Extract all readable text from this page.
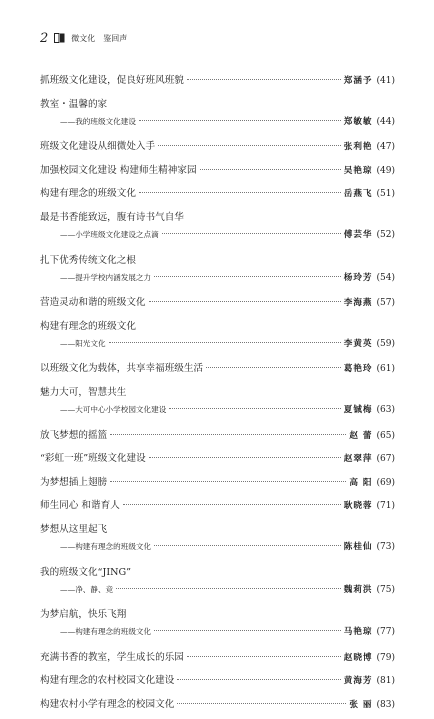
2	微文化 鉴回声
抓班级文化建设，促良好班风班貌	郑涵予 (41)
教室・温馨的家
——我的班级文化建设	郑敏敏 (44)
班级文化建设从细微处入手	张利艳 (47)
加强校园文化建设 构建师生精神家园	吴艳琼 (49)
构建有理念的班级文化	岳燕飞 (51)
最是书香能致远，腹有诗书气自华
——小学班级文化建设之点滴	傅芸华 (52)
扎下优秀传统文化之根
——提升学校内涵发展之力	杨玲芳 (54)
营造灵动和谐的班级文化	李海燕 (57)
构建有理念的班级文化
——阳光文化	李黄英 (59)
以班级文化为载体，共享幸福班级生活	葛艳玲 (61)
魅力大可，智慧共生
——大可中心小学校园文化建设	夏铖梅 (63)
放飞梦想的摇篮	赵 蕾 (65)
“彩虹一班”班级文化建设	赵翠萍 (67)
为梦想插上翅膀	高 阳 (69)
师生同心 和谐育人	耿晓蓉 (71)
梦想从这里起飞
——构建有理念的班级文化	陈桂仙 (73)
我的班级文化“JING”
——净、静、竞	魏莉洪 (75)
为梦启航，快乐飞翔
——构建有理念的班级文化	马艳琼 (77)
充满书香的教室，学生成长的乐园	赵晓博 (79)
构建有理念的农村校园文化建设	黄海芳 (81)
构建农村小学有理念的校园文化	张 丽 (83)
